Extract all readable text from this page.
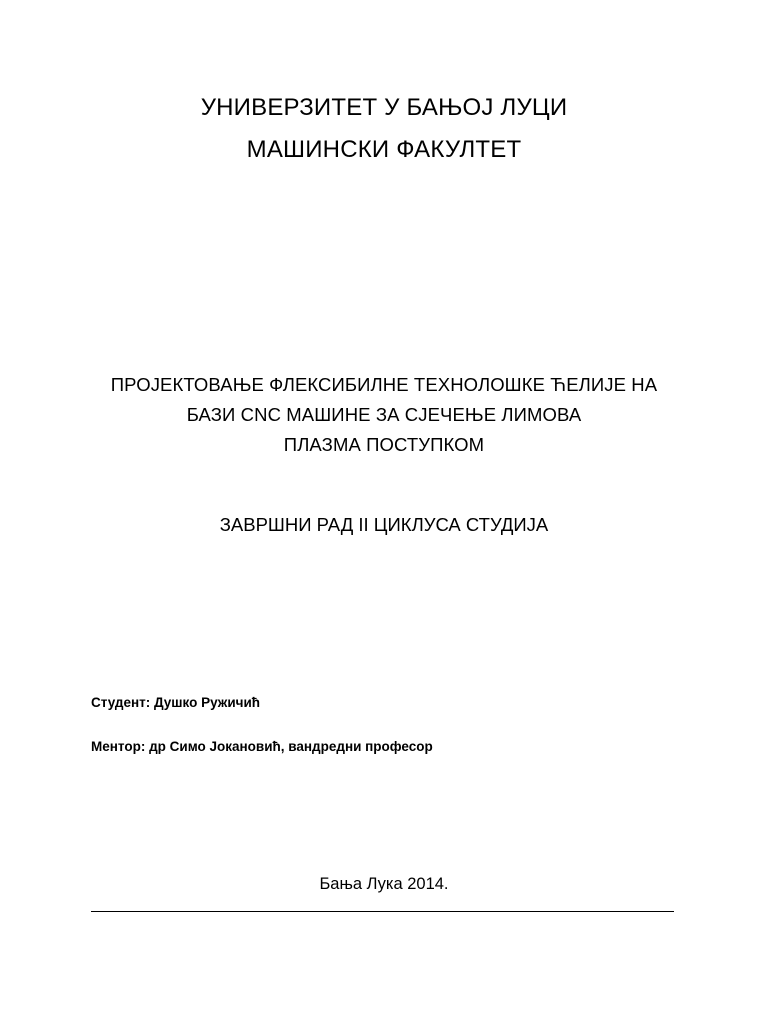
УНИВЕРЗИТЕТ У БАЊОЈ ЛУЦИ
МАШИНСКИ ФАКУЛТЕТ
ПРОЈЕКТОВАЊЕ ФЛЕКСИБИЛНЕ ТЕХНОЛОШКЕ ЋЕЛИЈЕ НА
БАЗИ CNC МАШИНЕ ЗА СЈЕЧЕЊЕ ЛИМОВА
ПЛАЗМА ПОСТУПКОМ
ЗАВРШНИ РАД II ЦИКЛУСА СТУДИЈА
Студент: Душко Ружичић
Ментор: др Симо Јокановић, вандредни професор
Бања Лука 2014.
